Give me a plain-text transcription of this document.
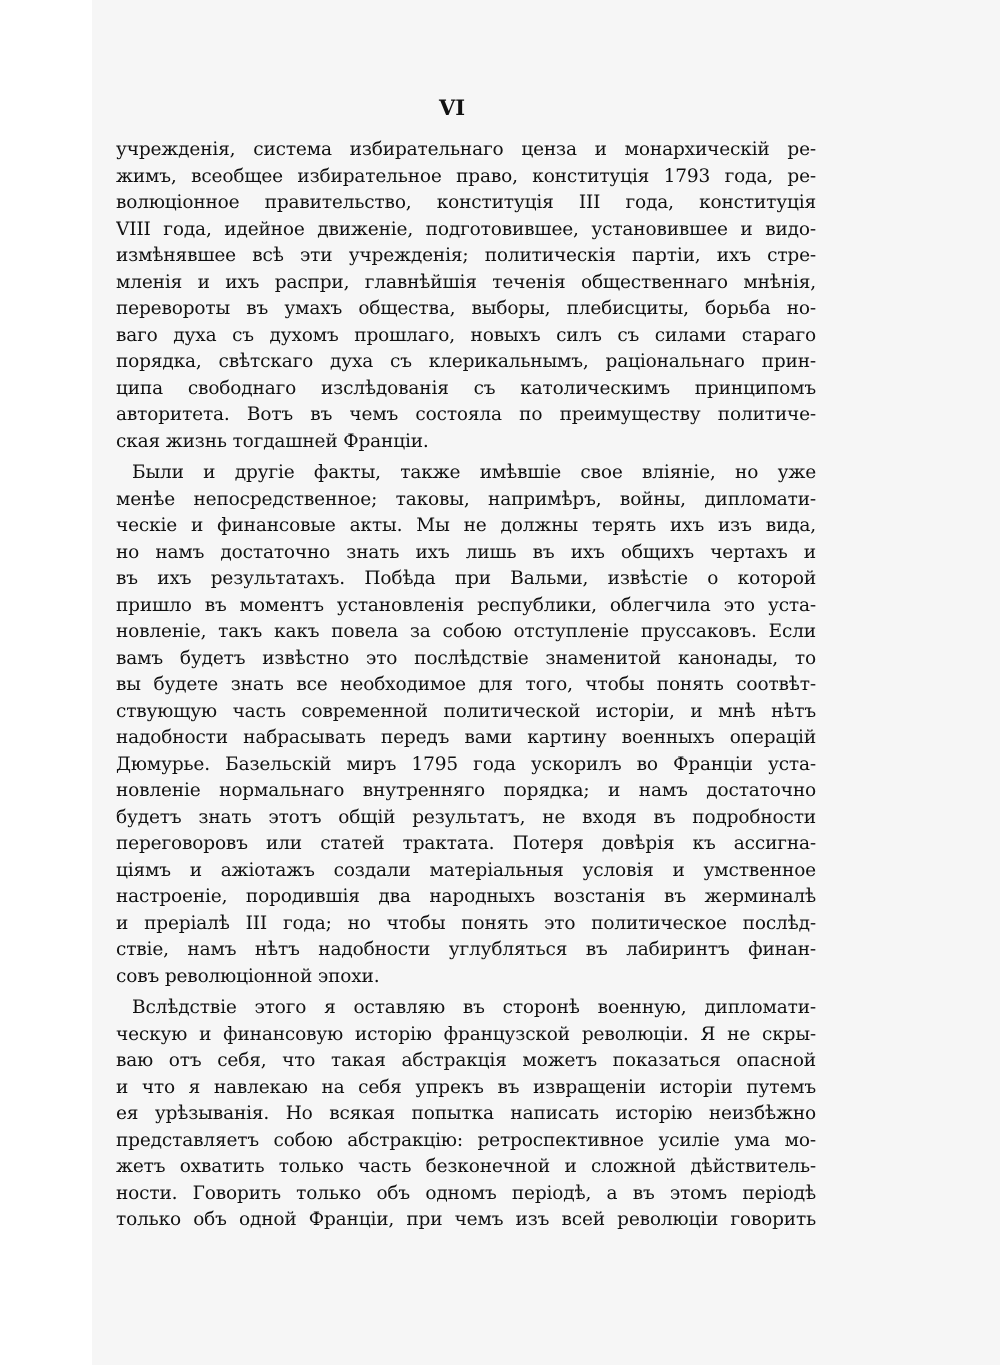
VI
учрежденія, система избирательнаго ценза и монархическій ре-
жимъ, всеобщее избирательное право, конституція 1793 года, ре-
волюціонное правительство, конституція III года, конституція
VIII года, идейное движеніе, подготовившее, установившее и видо-
измѣнявшее всѣ эти учрежденія; политическія партіи, ихъ стре-
мленія и ихъ распри, главнѣйшія теченія общественнаго мнѣнія,
перевороты въ умахъ общества, выборы, плебисциты, борьба но-
ваго духа съ духомъ прошлаго, новыхъ силъ съ силами стараго
порядка, свѣтскаго духа съ клерикальнымъ, раціональнаго прин-
ципа свободнаго изслѣдованія съ католическимъ принципомъ
авторитета. Вотъ въ чемъ состояла по преимуществу политиче-
ская жизнь тогдашней Франціи.
Были и другіе факты, также имѣвшіе свое вліяніе, но уже
менѣе непосредственное; таковы, напримѣръ, войны, дипломати-
ческіе и финансовые акты. Мы не должны терять ихъ изъ вида,
но намъ достаточно знать ихъ лишь въ ихъ общихъ чертахъ и
въ ихъ результатахъ. Побѣда при Вальми, извѣстіе о которой
пришло въ моментъ установленія республики, облегчила это уста-
новленіе, такъ какъ повела за собою отступленіе пруссаковъ. Если
вамъ будетъ извѣстно это послѣдствіе знаменитой канонады, то
вы будете знать все необходимое для того, чтобы понять соотвѣт-
ствующую часть современной политической исторіи, и мнѣ нѣтъ
надобности набрасывать передъ вами картину военныхъ операцій
Дюмурье. Базельскій миръ 1795 года ускорилъ во Франціи уста-
новленіе нормальнаго внутренняго порядка; и намъ достаточно
будетъ знать этотъ общій результатъ, не входя въ подробности
переговоровъ или статей трактата. Потеря довѣрія къ ассигна-
ціямъ и ажіотажъ создали матеріальныя условія и умственное
настроеніе, породившія два народныхъ возстанія въ жерминалѣ
и преріалѣ III года; но чтобы понять это политическое послѣд-
ствіе, намъ нѣтъ надобности углубляться въ лабиринтъ финан-
совъ революціонной эпохи.
Вслѣдствіе этого я оставляю въ сторонѣ военную, дипломати-
ческую и финансовую исторію французской революціи. Я не скры-
ваю отъ себя, что такая абстракція можетъ показаться опасной
и что я навлекаю на себя упрекъ въ извращеніи исторіи путемъ
ея урѣзыванія. Но всякая попытка написать исторію неизбѣжно
представляетъ собою абстракцію: ретроспективное усиліе ума мо-
жетъ охватить только часть безконечной и сложной дѣйствитель-
ности. Говорить только объ одномъ періодѣ, а въ этомъ періодѣ
только объ одной Франціи, при чемъ изъ всей революціи говорить
